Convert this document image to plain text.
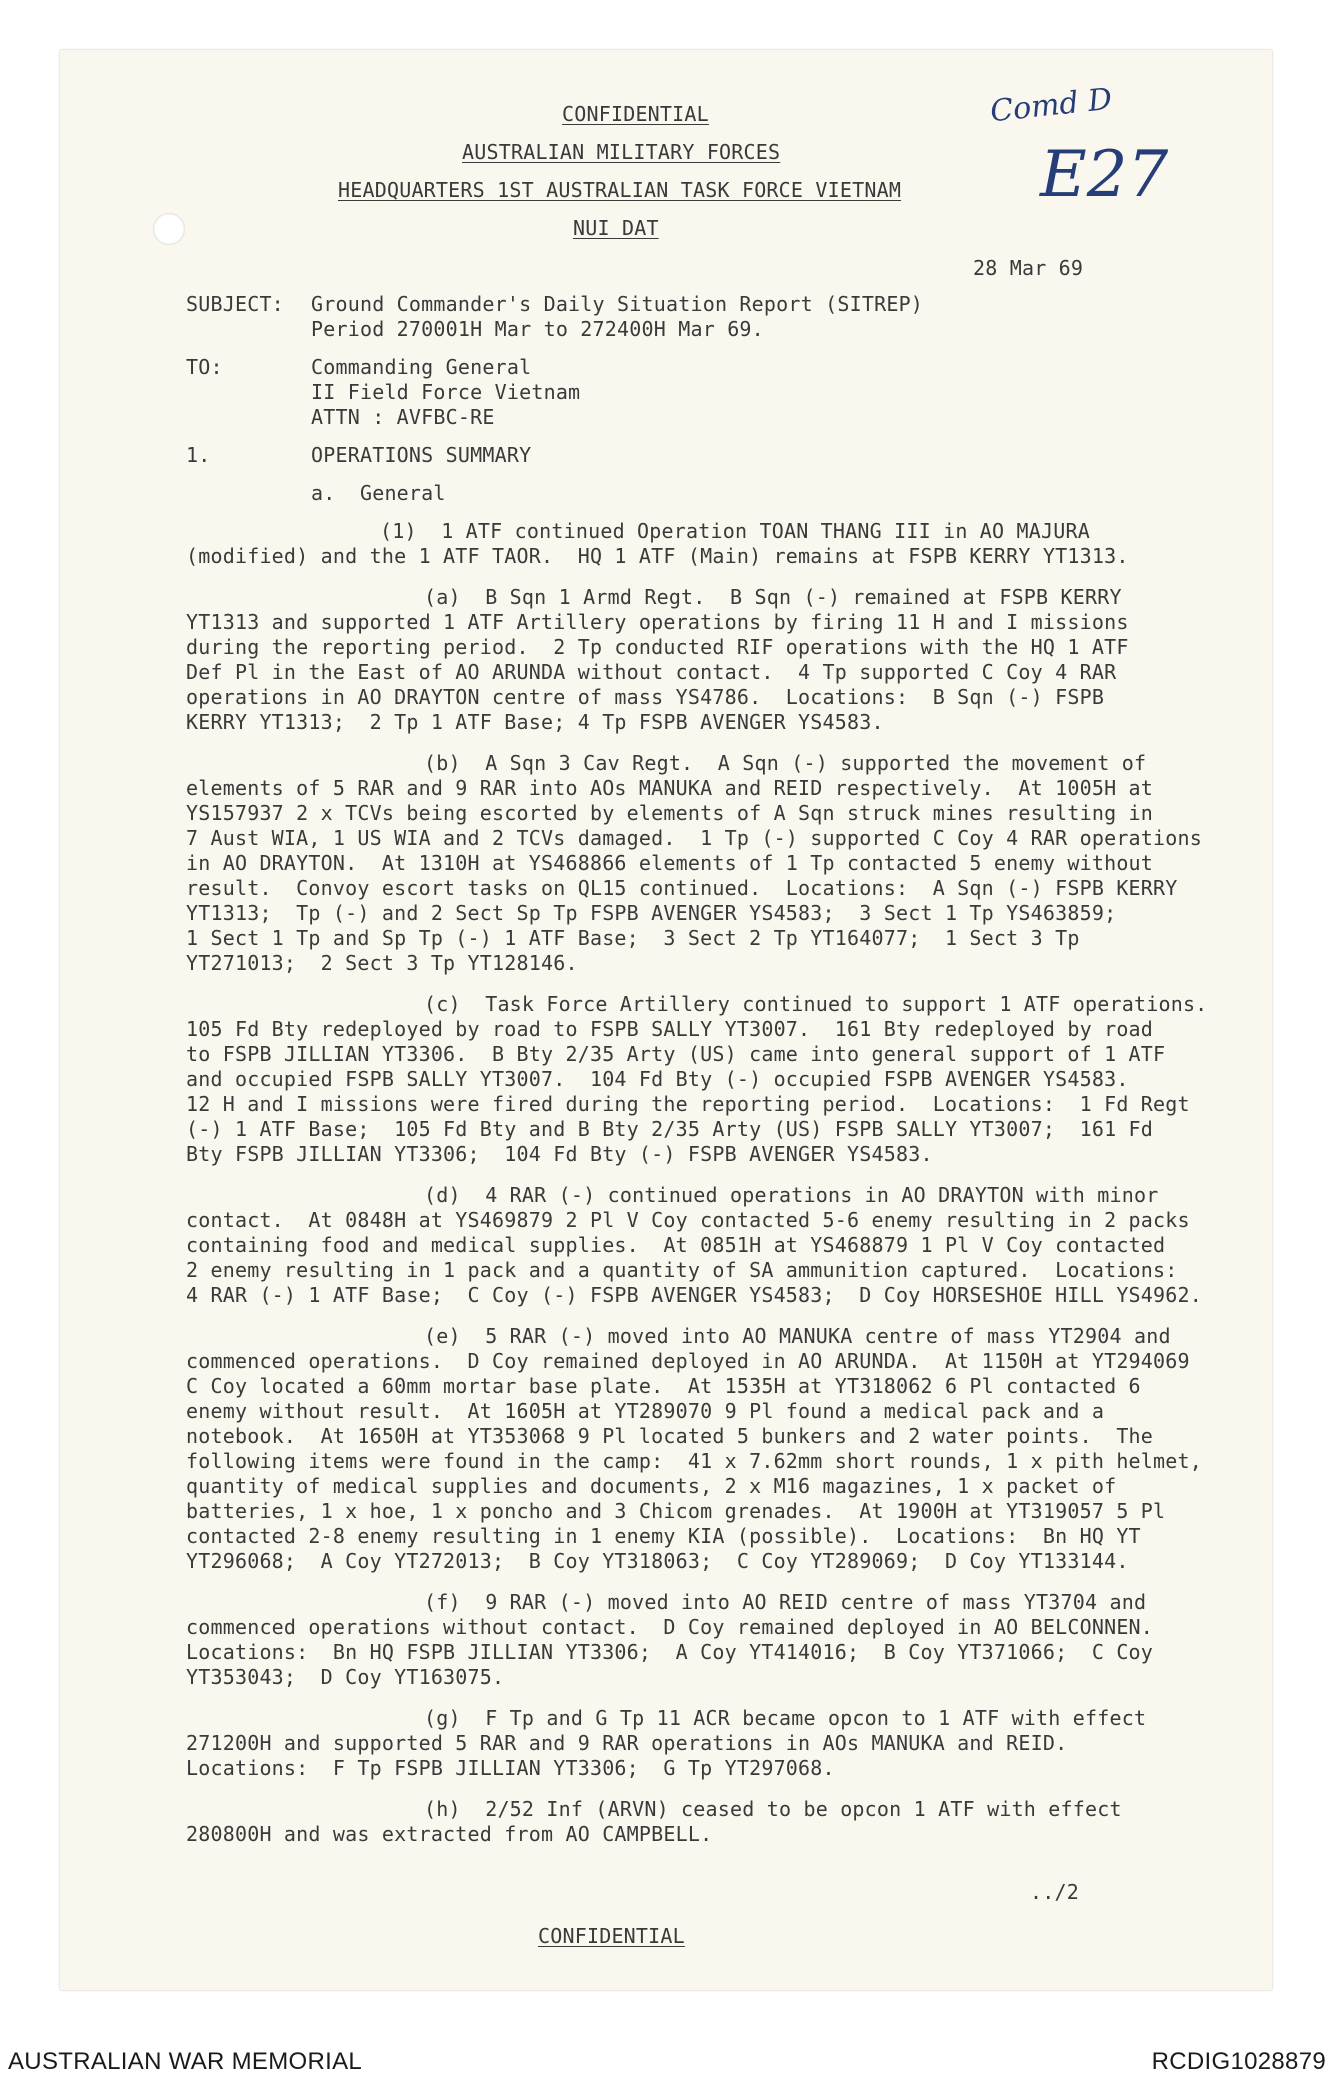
CONFIDENTIAL
AUSTRALIAN MILITARY FORCES
HEADQUARTERS 1ST AUSTRALIAN TASK FORCE VIETNAM
NUI DAT
Comd D
E27
28 Mar 69
SUBJECT: Ground Commander's Daily Situation Report (SITREP)
Period 270001H Mar to 272400H Mar 69.
TO:	Commanding General
II Field Force Vietnam
ATTN : AVFBC-RE
1.	OPERATIONS SUMMARY
a.  General
(1)  1 ATF continued Operation TOAN THANG III in AO MAJURA
(modified) and the 1 ATF TAOR.  HQ 1 ATF (Main) remains at FSPB KERRY YT1313.
(a)  B Sqn 1 Armd Regt.  B Sqn (-) remained at FSPB KERRY
YT1313 and supported 1 ATF Artillery operations by firing 11 H and I missions
during the reporting period.  2 Tp conducted RIF operations with the HQ 1 ATF
Def Pl in the East of AO ARUNDA without contact.  4 Tp supported C Coy 4 RAR
operations in AO DRAYTON centre of mass YS4786.  Locations:  B Sqn (-) FSPB
KERRY YT1313;  2 Tp 1 ATF Base; 4 Tp FSPB AVENGER YS4583.
(b)  A Sqn 3 Cav Regt.  A Sqn (-) supported the movement of
elements of 5 RAR and 9 RAR into AOs MANUKA and REID respectively.  At 1005H at
YS157937 2 x TCVs being escorted by elements of A Sqn struck mines resulting in
7 Aust WIA, 1 US WIA and 2 TCVs damaged.  1 Tp (-) supported C Coy 4 RAR operations
in AO DRAYTON.  At 1310H at YS468866 elements of 1 Tp contacted 5 enemy without
result.  Convoy escort tasks on QL15 continued.  Locations:  A Sqn (-) FSPB KERRY
YT1313;  Tp (-) and 2 Sect Sp Tp FSPB AVENGER YS4583;  3 Sect 1 Tp YS463859;
1 Sect 1 Tp and Sp Tp (-) 1 ATF Base;  3 Sect 2 Tp YT164077;  1 Sect 3 Tp
YT271013;  2 Sect 3 Tp YT128146.
(c)  Task Force Artillery continued to support 1 ATF operations.
105 Fd Bty redeployed by road to FSPB SALLY YT3007.  161 Bty redeployed by road
to FSPB JILLIAN YT3306.  B Bty 2/35 Arty (US) came into general support of 1 ATF
and occupied FSPB SALLY YT3007.  104 Fd Bty (-) occupied FSPB AVENGER YS4583.
12 H and I missions were fired during the reporting period.  Locations:  1 Fd Regt
(-) 1 ATF Base;  105 Fd Bty and B Bty 2/35 Arty (US) FSPB SALLY YT3007;  161 Fd
Bty FSPB JILLIAN YT3306;  104 Fd Bty (-) FSPB AVENGER YS4583.
(d)  4 RAR (-) continued operations in AO DRAYTON with minor
contact.  At 0848H at YS469879 2 Pl V Coy contacted 5-6 enemy resulting in 2 packs
containing food and medical supplies.  At 0851H at YS468879 1 Pl V Coy contacted
2 enemy resulting in 1 pack and a quantity of SA ammunition captured.  Locations:
4 RAR (-) 1 ATF Base;  C Coy (-) FSPB AVENGER YS4583;  D Coy HORSESHOE HILL YS4962.
(e)  5 RAR (-) moved into AO MANUKA centre of mass YT2904 and
commenced operations.  D Coy remained deployed in AO ARUNDA.  At 1150H at YT294069
C Coy located a 60mm mortar base plate.  At 1535H at YT318062 6 Pl contacted 6
enemy without result.  At 1605H at YT289070 9 Pl found a medical pack and a
notebook.  At 1650H at YT353068 9 Pl located 5 bunkers and 2 water points.  The
following items were found in the camp:  41 x 7.62mm short rounds, 1 x pith helmet,
quantity of medical supplies and documents, 2 x M16 magazines, 1 x packet of
batteries, 1 x hoe, 1 x poncho and 3 Chicom grenades.  At 1900H at YT319057 5 Pl
contacted 2-8 enemy resulting in 1 enemy KIA (possible).  Locations:  Bn HQ YT
YT296068;  A Coy YT272013;  B Coy YT318063;  C Coy YT289069;  D Coy YT133144.
(f)  9 RAR (-) moved into AO REID centre of mass YT3704 and
commenced operations without contact.  D Coy remained deployed in AO BELCONNEN.
Locations:  Bn HQ FSPB JILLIAN YT3306;  A Coy YT414016;  B Coy YT371066;  C Coy
YT353043;  D Coy YT163075.
(g)  F Tp and G Tp 11 ACR became opcon to 1 ATF with effect
271200H and supported 5 RAR and 9 RAR operations in AOs MANUKA and REID.
Locations:  F Tp FSPB JILLIAN YT3306;  G Tp YT297068.
(h)  2/52 Inf (ARVN) ceased to be opcon 1 ATF with effect
280800H and was extracted from AO CAMPBELL.
../2
CONFIDENTIAL
AUSTRALIAN WAR MEMORIAL	RCDIG1028879
